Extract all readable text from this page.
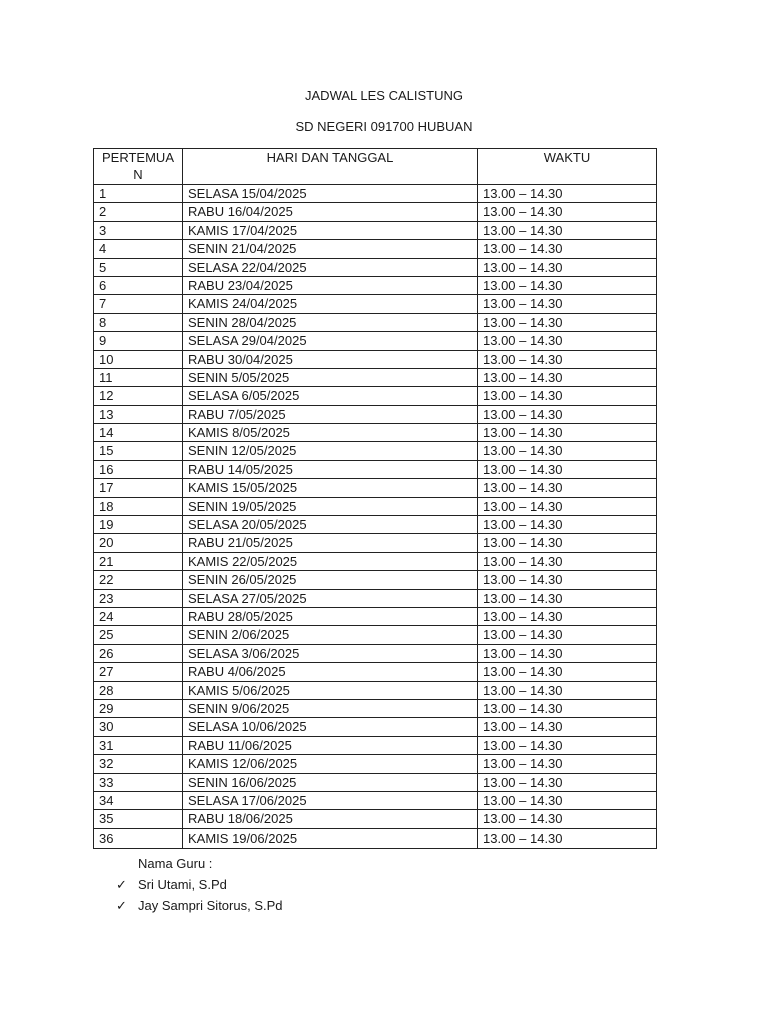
JADWAL LES CALISTUNG
SD NEGERI 091700 HUBUAN
PERTEMUAN	HARI DAN TANGGAL	WAKTU
1	SELASA 15/04/2025	13.00 – 14.30
2	RABU 16/04/2025	13.00 – 14.30
3	KAMIS 17/04/2025	13.00 – 14.30
4	SENIN 21/04/2025	13.00 – 14.30
5	SELASA 22/04/2025	13.00 – 14.30
6	RABU 23/04/2025	13.00 – 14.30
7	KAMIS 24/04/2025	13.00 – 14.30
8	SENIN 28/04/2025	13.00 – 14.30
9	SELASA 29/04/2025	13.00 – 14.30
10	RABU 30/04/2025	13.00 – 14.30
11	SENIN 5/05/2025	13.00 – 14.30
12	SELASA 6/05/2025	13.00 – 14.30
13	RABU 7/05/2025	13.00 – 14.30
14	KAMIS 8/05/2025	13.00 – 14.30
15	SENIN 12/05/2025	13.00 – 14.30
16	RABU 14/05/2025	13.00 – 14.30
17	KAMIS 15/05/2025	13.00 – 14.30
18	SENIN 19/05/2025	13.00 – 14.30
19	SELASA 20/05/2025	13.00 – 14.30
20	RABU 21/05/2025	13.00 – 14.30
21	KAMIS 22/05/2025	13.00 – 14.30
22	SENIN 26/05/2025	13.00 – 14.30
23	SELASA 27/05/2025	13.00 – 14.30
24	RABU 28/05/2025	13.00 – 14.30
25	SENIN 2/06/2025	13.00 – 14.30
26	SELASA 3/06/2025	13.00 – 14.30
27	RABU 4/06/2025	13.00 – 14.30
28	KAMIS 5/06/2025	13.00 – 14.30
29	SENIN 9/06/2025	13.00 – 14.30
30	SELASA 10/06/2025	13.00 – 14.30
31	RABU 11/06/2025	13.00 – 14.30
32	KAMIS 12/06/2025	13.00 – 14.30
33	SENIN 16/06/2025	13.00 – 14.30
34	SELASA 17/06/2025	13.00 – 14.30
35	RABU 18/06/2025	13.00 – 14.30
36	KAMIS 19/06/2025	13.00 – 14.30
Nama Guru :
✓ Sri Utami, S.Pd
✓ Jay Sampri Sitorus, S.Pd
